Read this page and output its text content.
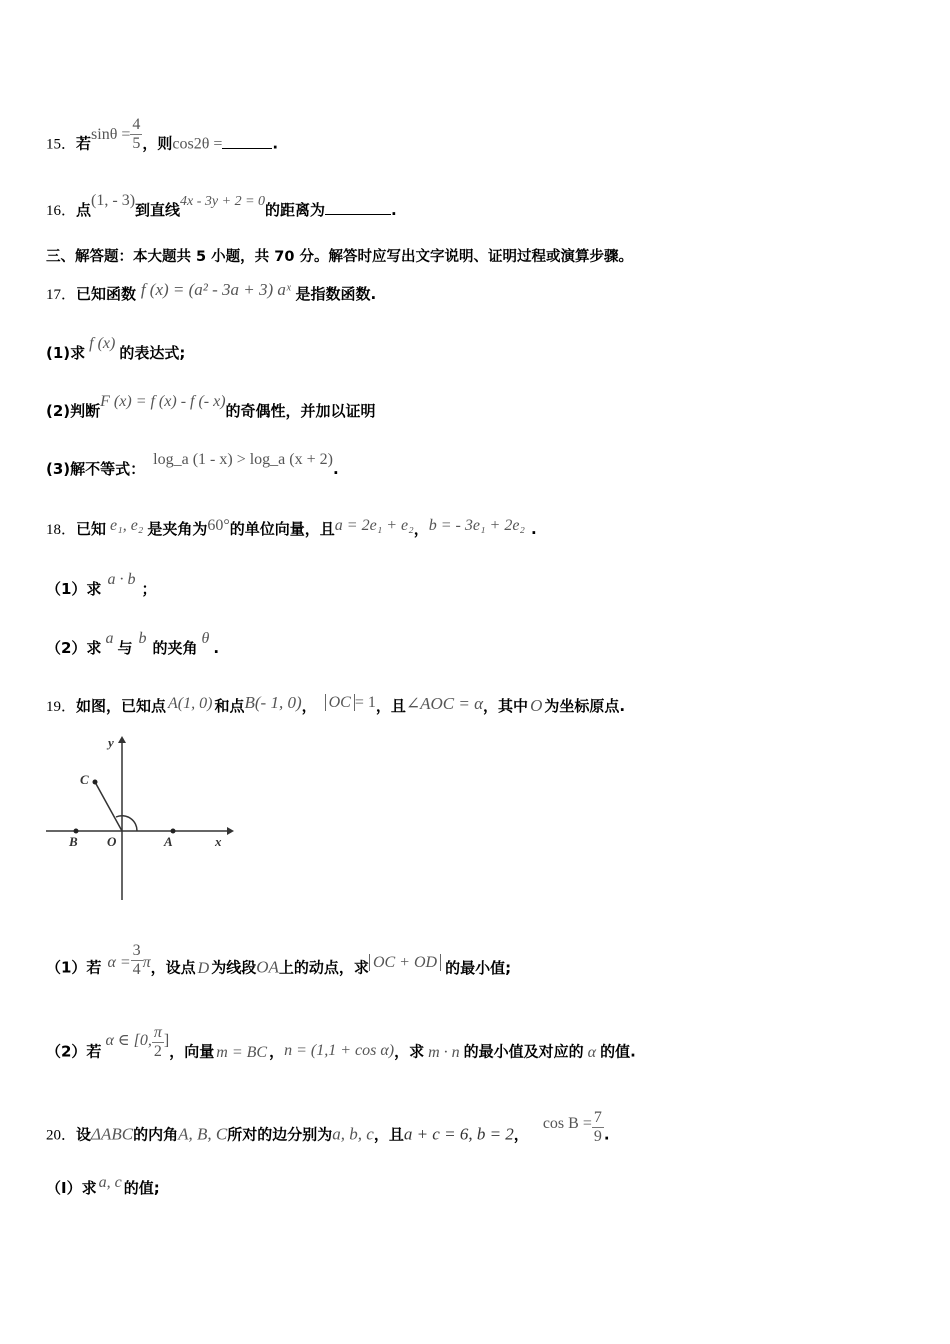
15．若$\sin\theta = \frac{4}{5}$ ，则cos2θ =	.
16．点(1, - 3)到直线4x - 3y + 2 = 0的距离为	.
三、解答题：本大题共 5 小题，共 70 分。解答时应写出文字说明、证明过程或演算步骤。
17．已知函数 f (x) = (a² - 3a + 3) aˣ 是指数函数.
(1)求f (x)的表达式;
(2)判断F (x) = f (x) - f (- x)的奇偶性，并加以证明
(3)解不等式：log_a (1 - x) > log_a (x + 2).
18．已知 e₁, e₂ 是夹角为60°的单位向量，且a = 2e₁ + e₂，b = - 3e₁ + 2e₂ .
（1）求a · b；
（2）求a与b的夹角θ.
19．如图，已知点 A(1, 0) 和点B(- 1, 0)， OC = 1，且∠AOC = α，其中 O 为坐标原点.
y
C
B O	A	x
（1）若 $\alpha = \frac{3}{4}$ π，设点 D 为线段OA上的动点，求 OC + OD 的最小值;
（2）若α ∈ [0, $\frac{\pi}{2}$ ]，向量 m = BC ，n = (1,1 + cos α)，求 m · n 的最小值及对应的 α 的值.
20．设ΔABC的内角A, B, C所对的边分别为a, b, c，且a + c = 6, b = 2，$\cos B = \frac{7}{9}$ .
（Ⅰ）求 a, c 的值;
